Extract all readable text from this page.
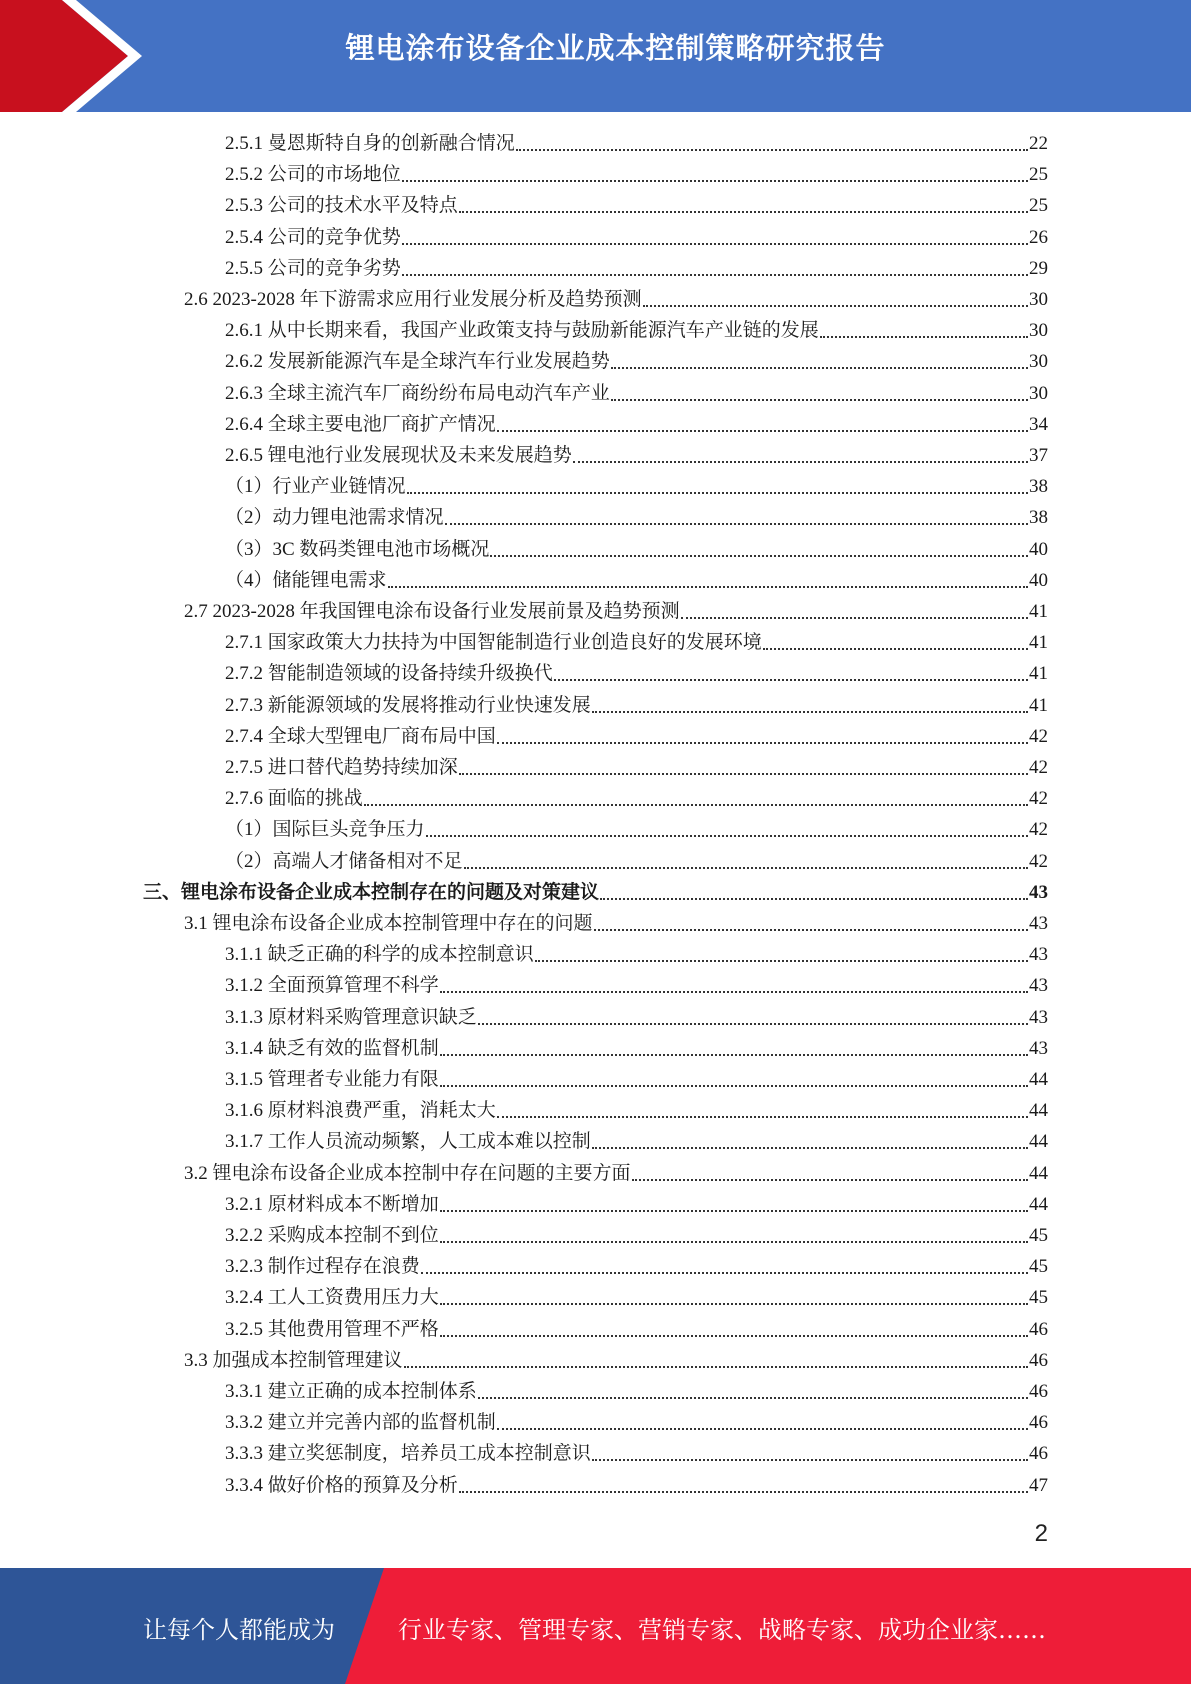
锂电涂布设备企业成本控制策略研究报告
2.5.1 曼恩斯特自身的创新融合情况	22
2.5.2 公司的市场地位	25
2.5.3 公司的技术水平及特点	25
2.5.4 公司的竞争优势	26
2.5.5 公司的竞争劣势	29
2.6 2023-2028 年下游需求应用行业发展分析及趋势预测	30
2.6.1 从中长期来看，我国产业政策支持与鼓励新能源汽车产业链的发展	30
2.6.2 发展新能源汽车是全球汽车行业发展趋势	30
2.6.3 全球主流汽车厂商纷纷布局电动汽车产业	30
2.6.4 全球主要电池厂商扩产情况	34
2.6.5 锂电池行业发展现状及未来发展趋势	37
（1）行业产业链情况	38
（2）动力锂电池需求情况	38
（3）3C 数码类锂电池市场概况	40
（4）储能锂电需求	40
2.7 2023-2028 年我国锂电涂布设备行业发展前景及趋势预测	41
2.7.1 国家政策大力扶持为中国智能制造行业创造良好的发展环境	41
2.7.2 智能制造领域的设备持续升级换代	41
2.7.3 新能源领域的发展将推动行业快速发展	41
2.7.4 全球大型锂电厂商布局中国	42
2.7.5 进口替代趋势持续加深	42
2.7.6 面临的挑战	42
（1）国际巨头竞争压力	42
（2）高端人才储备相对不足	42
三、锂电涂布设备企业成本控制存在的问题及对策建议	43
3.1 锂电涂布设备企业成本控制管理中存在的问题	43
3.1.1 缺乏正确的科学的成本控制意识	43
3.1.2 全面预算管理不科学	43
3.1.3 原材料采购管理意识缺乏	43
3.1.4 缺乏有效的监督机制	43
3.1.5 管理者专业能力有限	44
3.1.6 原材料浪费严重，消耗太大	44
3.1.7 工作人员流动频繁，人工成本难以控制	44
3.2 锂电涂布设备企业成本控制中存在问题的主要方面	44
3.2.1 原材料成本不断增加	44
3.2.2 采购成本控制不到位	45
3.2.3 制作过程存在浪费	45
3.2.4 工人工资费用压力大	45
3.2.5 其他费用管理不严格	46
3.3 加强成本控制管理建议	46
3.3.1 建立正确的成本控制体系	46
3.3.2 建立并完善内部的监督机制	46
3.3.3 建立奖惩制度，培养员工成本控制意识	46
3.3.4 做好价格的预算及分析	47
2
让每个人都能成为	行业专家、管理专家、营销专家、战略专家、成功企业家……
